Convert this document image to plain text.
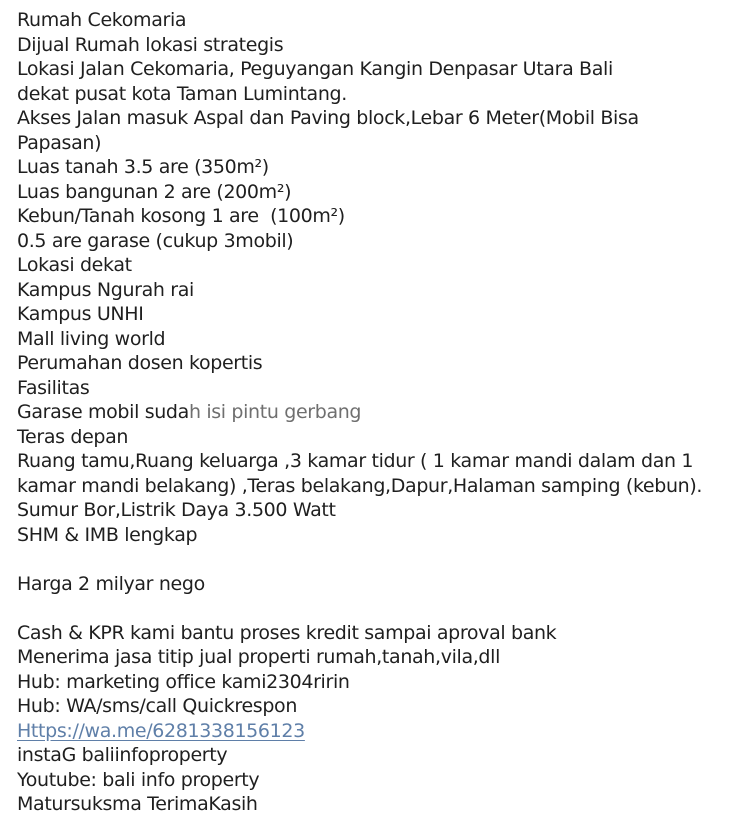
Rumah Cekomaria
Dijual Rumah lokasi strategis
Lokasi Jalan Cekomaria, Peguyangan Kangin Denpasar Utara Bali
dekat pusat kota Taman Lumintang.
Akses Jalan masuk Aspal dan Paving block,Lebar 6 Meter(Mobil Bisa
Papasan)
Luas tanah 3.5 are (350m²)
Luas bangunan 2 are (200m²)
Kebun/Tanah kosong 1 are  (100m²)
0.5 are garase (cukup 3mobil)
Lokasi dekat
Kampus Ngurah rai
Kampus UNHI
Mall living world
Perumahan dosen kopertis
Fasilitas
Garase mobil sudah isi pintu gerbang
Teras depan
Ruang tamu,Ruang keluarga ,3 kamar tidur ( 1 kamar mandi dalam dan 1
kamar mandi belakang) ,Teras belakang,Dapur,Halaman samping (kebun).
Sumur Bor,Listrik Daya 3.500 Watt
SHM & IMB lengkap
Harga 2 milyar nego
Cash & KPR kami bantu proses kredit sampai aproval bank
Menerima jasa titip jual properti rumah,tanah,vila,dll
Hub: marketing office kami2304ririn
Hub: WA/sms/call Quickrespon
Https://wa.me/6281338156123
instaG baliinfoproperty
Youtube: bali info property
Matursuksma TerimaKasih
